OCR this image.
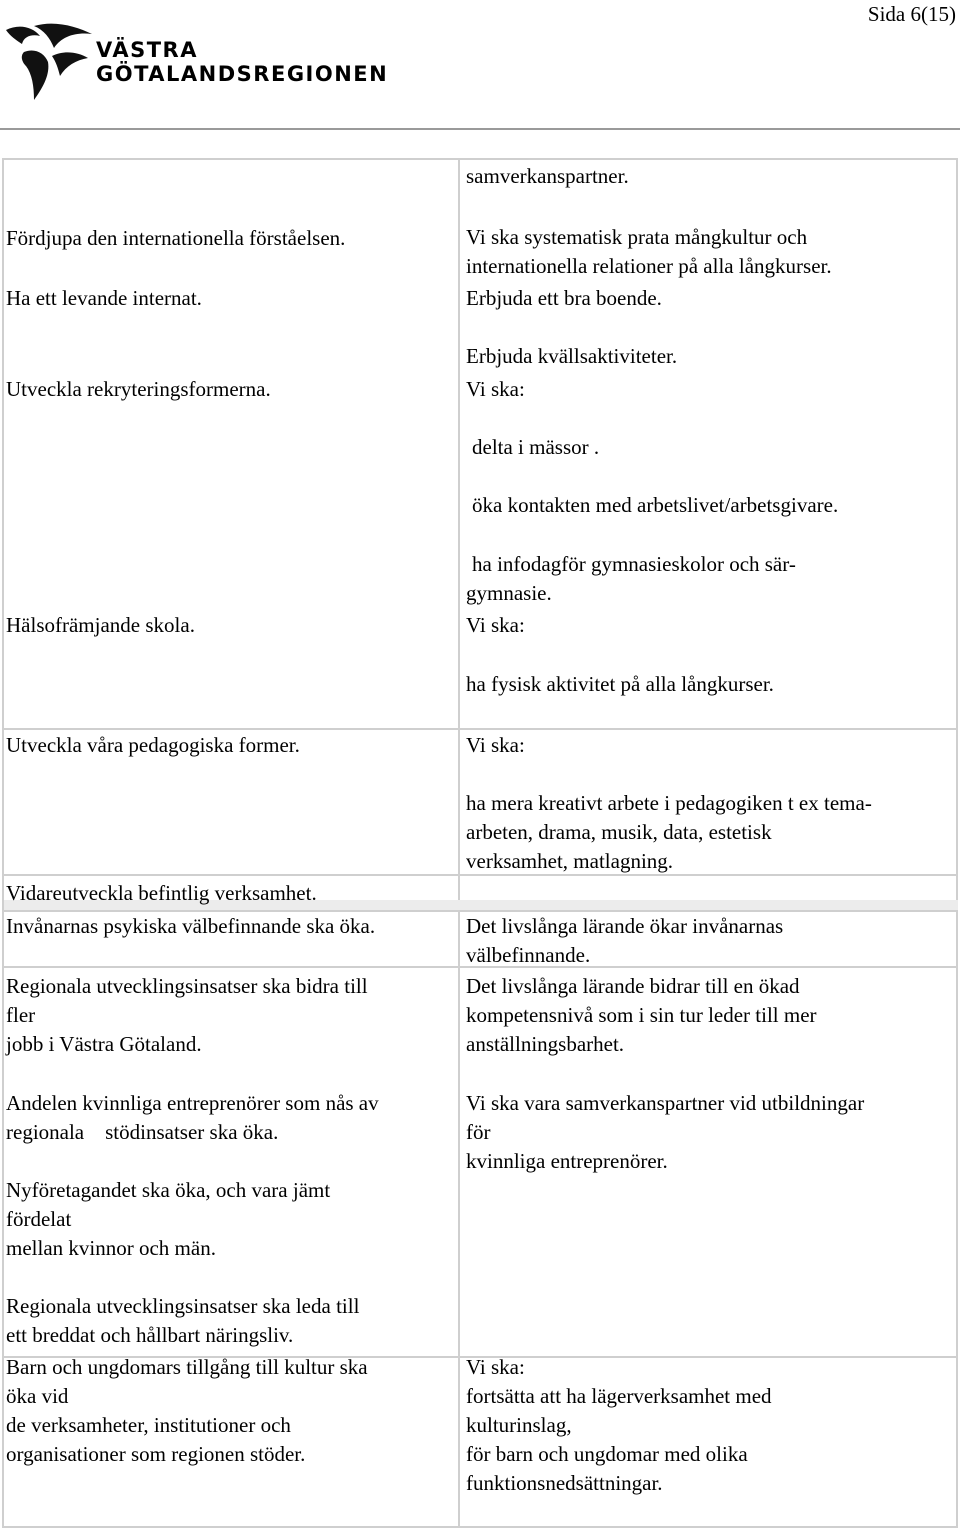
Sida 6(15)
VÄSTRA
GÖTALANDSREGIONEN
Fördjupa den internationella förståelsen.
Ha ett levande internat.
Utveckla rekryteringsformerna.
Hälsofrämjande skola.
Utveckla våra pedagogiska former.
Vidareutveckla befintlig verksamhet.
Invånarnas psykiska välbefinnande ska öka.
Regionala utvecklingsinsatser ska bidra till
fler
jobb i Västra Götaland.
Andelen kvinnliga entreprenörer som nås av
regionala    stödinsatser ska öka.
Nyföretagandet ska öka, och vara jämt
fördelat
mellan kvinnor och män.
Regionala utvecklingsinsatser ska leda till
ett breddat och hållbart näringsliv.
Barn och ungdomars tillgång till kultur ska
öka vid
de verksamheter, institutioner och
organisationer som regionen stöder.
samverkanspartner.
Vi ska systematisk prata mångkultur och
internationella relationer på alla långkurser.
Erbjuda ett bra boende.
Erbjuda kvällsaktiviteter.
Vi ska:
delta i mässor .
öka kontakten med arbetslivet/arbetsgivare.
ha infodagför gymnasieskolor och sär-
gymnasie.
Vi ska:
ha fysisk aktivitet på alla långkurser.
Vi ska:
ha mera kreativt arbete i pedagogiken t ex tema-
arbeten, drama, musik, data, estetisk
verksamhet, matlagning.
Det livslånga lärande ökar invånarnas
välbefinnande.
Det livslånga lärande bidrar till en ökad
kompetensnivå som i sin tur leder till mer
anställningsbarhet.
Vi ska vara samverkanspartner vid utbildningar
för
kvinnliga entreprenörer.
Vi ska:
fortsätta att ha lägerverksamhet med
kulturinslag,
för barn och ungdomar med olika
funktionsnedsättningar.
